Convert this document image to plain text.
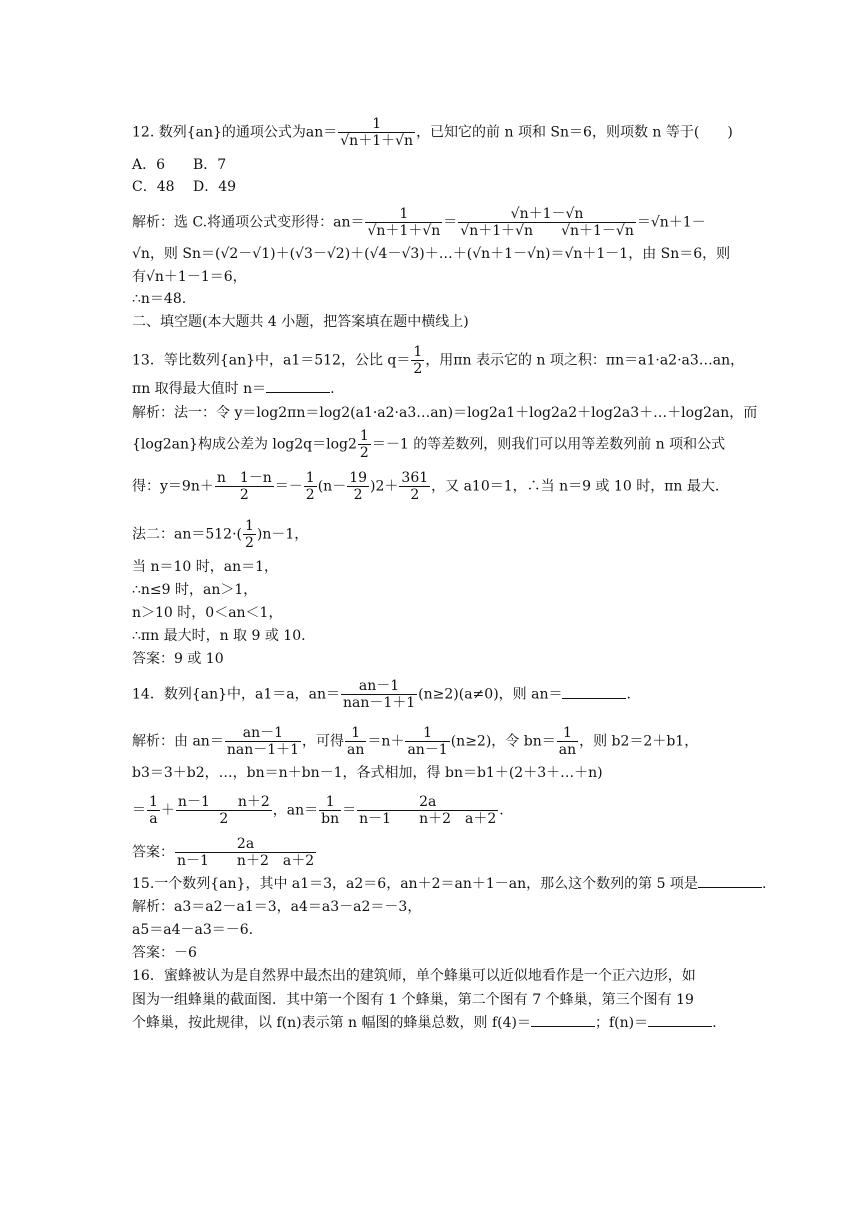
12. 数列{an}的通项公式为$an= \frac{1}{√n+1+√n}$ ，已知它的前 n 项和 Sn＝6，则项数 n 等于(　　)
A．6　　B．7
C．48　 D．49
解析：选 C.将通项公式变形得：$an= \frac{1}{√n+1+√n} = \frac{√n+1-√n}{√n+1+√n √n+1-√n} =√n+1-$
√n，则 Sn＝(√2－√1)＋(√3－√2)＋(√4－√3)＋…＋(√n＋1－√n)＝√n＋1－1，由 Sn＝6，则
有√n＋1－1＝6，
∴n＝48.
二、填空题(本大题共 4 小题，把答案填在题中横线上)
13．等比数列{an}中，a1＝512，公比 $q= \frac{1}{2}$ ，用πn 表示它的 n 项之积：πn＝a1·a2·a3…an，
πn 取得最大值时 n＝	.
解析：法一：令 y＝log2πn＝log2(a1·a2·a3…an)＝log2a1＋log2a2＋log2a3＋…＋log2an，而
{log2an}构成公差为 $\log 2q=\log 2 \frac{1}{2} =-1$ 的等差数列，则我们可以用等差数列前 n 项和公式
得：$y=9n+ \frac{n 1-n}{2} =- \frac{1}{2} (n- \frac{19}{2} )2+ \frac{361}{2}$ ，又 a10＝1，∴当 n＝9 或 10 时，πn 最大.
法二：$an=512\cdot( \frac{1}{2} )n-1$，
当 n＝10 时，an＝1，
∴n≤9 时，an＞1，
n＞10 时，0＜an＜1，
∴πn 最大时，n 取 9 或 10.
答案：9 或 10
14．数列{an}中，a1＝a，$an= \frac{an-1}{\text{nan－1＋1}} (n\ge 2)(a\ne 0)$，则 an＝	.
解析：由 $an= \frac{an-1}{\text{nan－1＋1}}$ ，可得 $\frac{1}{an} =n+ \frac{1}{an-1} (n\ge 2)$，令 $bn= \frac{1}{an}$ ，则 b2＝2＋b1，
b3＝3＋b2，…，bn＝n＋bn－1，各式相加，得 bn＝b1＋(2＋3＋…＋n)
＝ $\frac{1}{a} + \frac{n-1 n+2}{2}$ ，$an= \frac{1}{bn} = \frac{2a}{n-1 n+2 a+2}$ .
答案： $\frac{2a}{n-1 n+2 a+2}$
15.一个数列{an}，其中 a1＝3，a2＝6，an＋2＝an＋1－an，那么这个数列的第 5 项是	.
解析：a3＝a2－a1＝3，a4＝a3－a2＝－3，
a5＝a4－a3＝－6.
答案：－6
16．蜜蜂被认为是自然界中最杰出的建筑师，单个蜂巢可以近似地看作是一个正六边形，如
图为一组蜂巢的截面图．其中第一个图有 1 个蜂巢，第二个图有 7 个蜂巢，第三个图有 19
个蜂巢，按此规律，以 f(n)表示第 n 幅图的蜂巢总数，则 f(4)＝	；f(n)＝	.
